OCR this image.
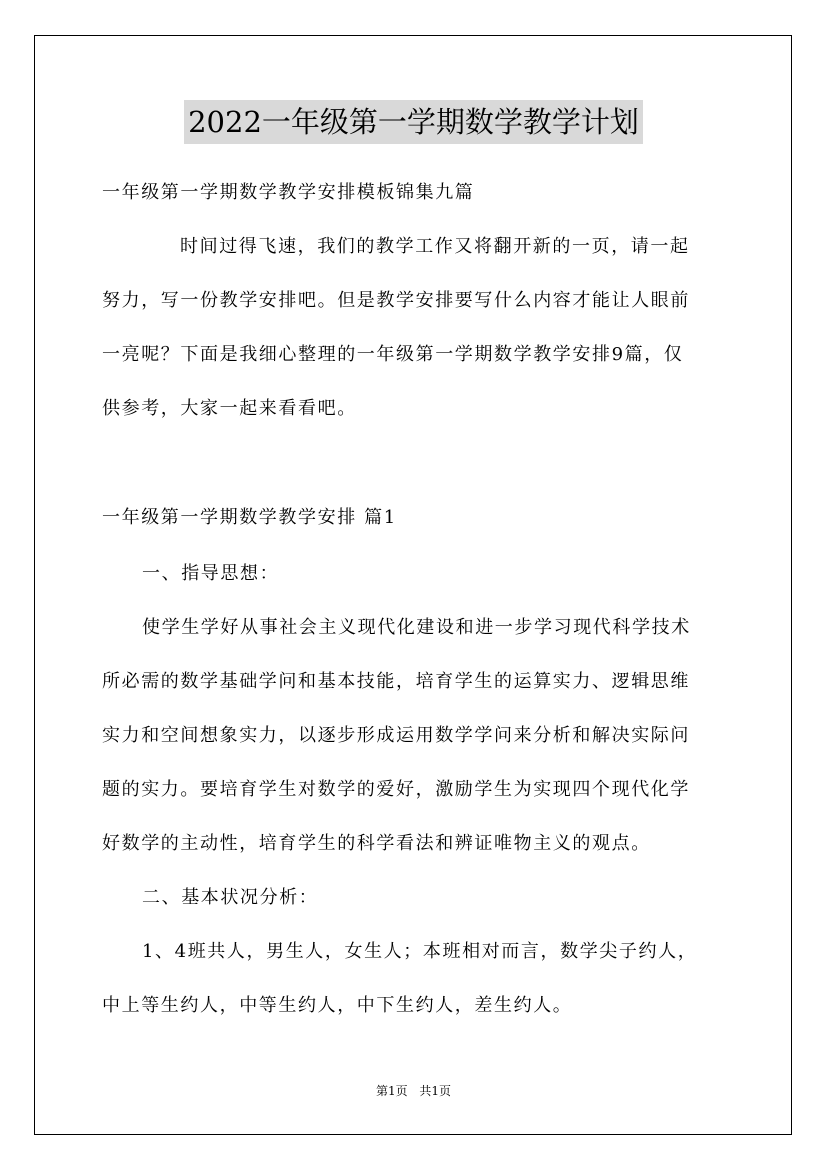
2022一年级第一学期数学教学计划
一年级第一学期数学教学安排模板锦集九篇
时间过得飞速，我们的教学工作又将翻开新的一页，请一起
努力，写一份教学安排吧。但是教学安排要写什么内容才能让人眼前
一亮呢？下面是我细心整理的一年级第一学期数学教学安排9篇，仅
供参考，大家一起来看看吧。
一年级第一学期数学教学安排 篇1
一、指导思想：
使学生学好从事社会主义现代化建设和进一步学习现代科学技术
所必需的数学基础学问和基本技能，培育学生的运算实力、逻辑思维
实力和空间想象实力，以逐步形成运用数学学问来分析和解决实际问
题的实力。要培育学生对数学的爱好，激励学生为实现四个现代化学
好数学的主动性，培育学生的科学看法和辨证唯物主义的观点。
二、基本状况分析：
1、4班共人，男生人，女生人；本班相对而言，数学尖子约人，
中上等生约人，中等生约人，中下生约人，差生约人。
第1页 共1页
